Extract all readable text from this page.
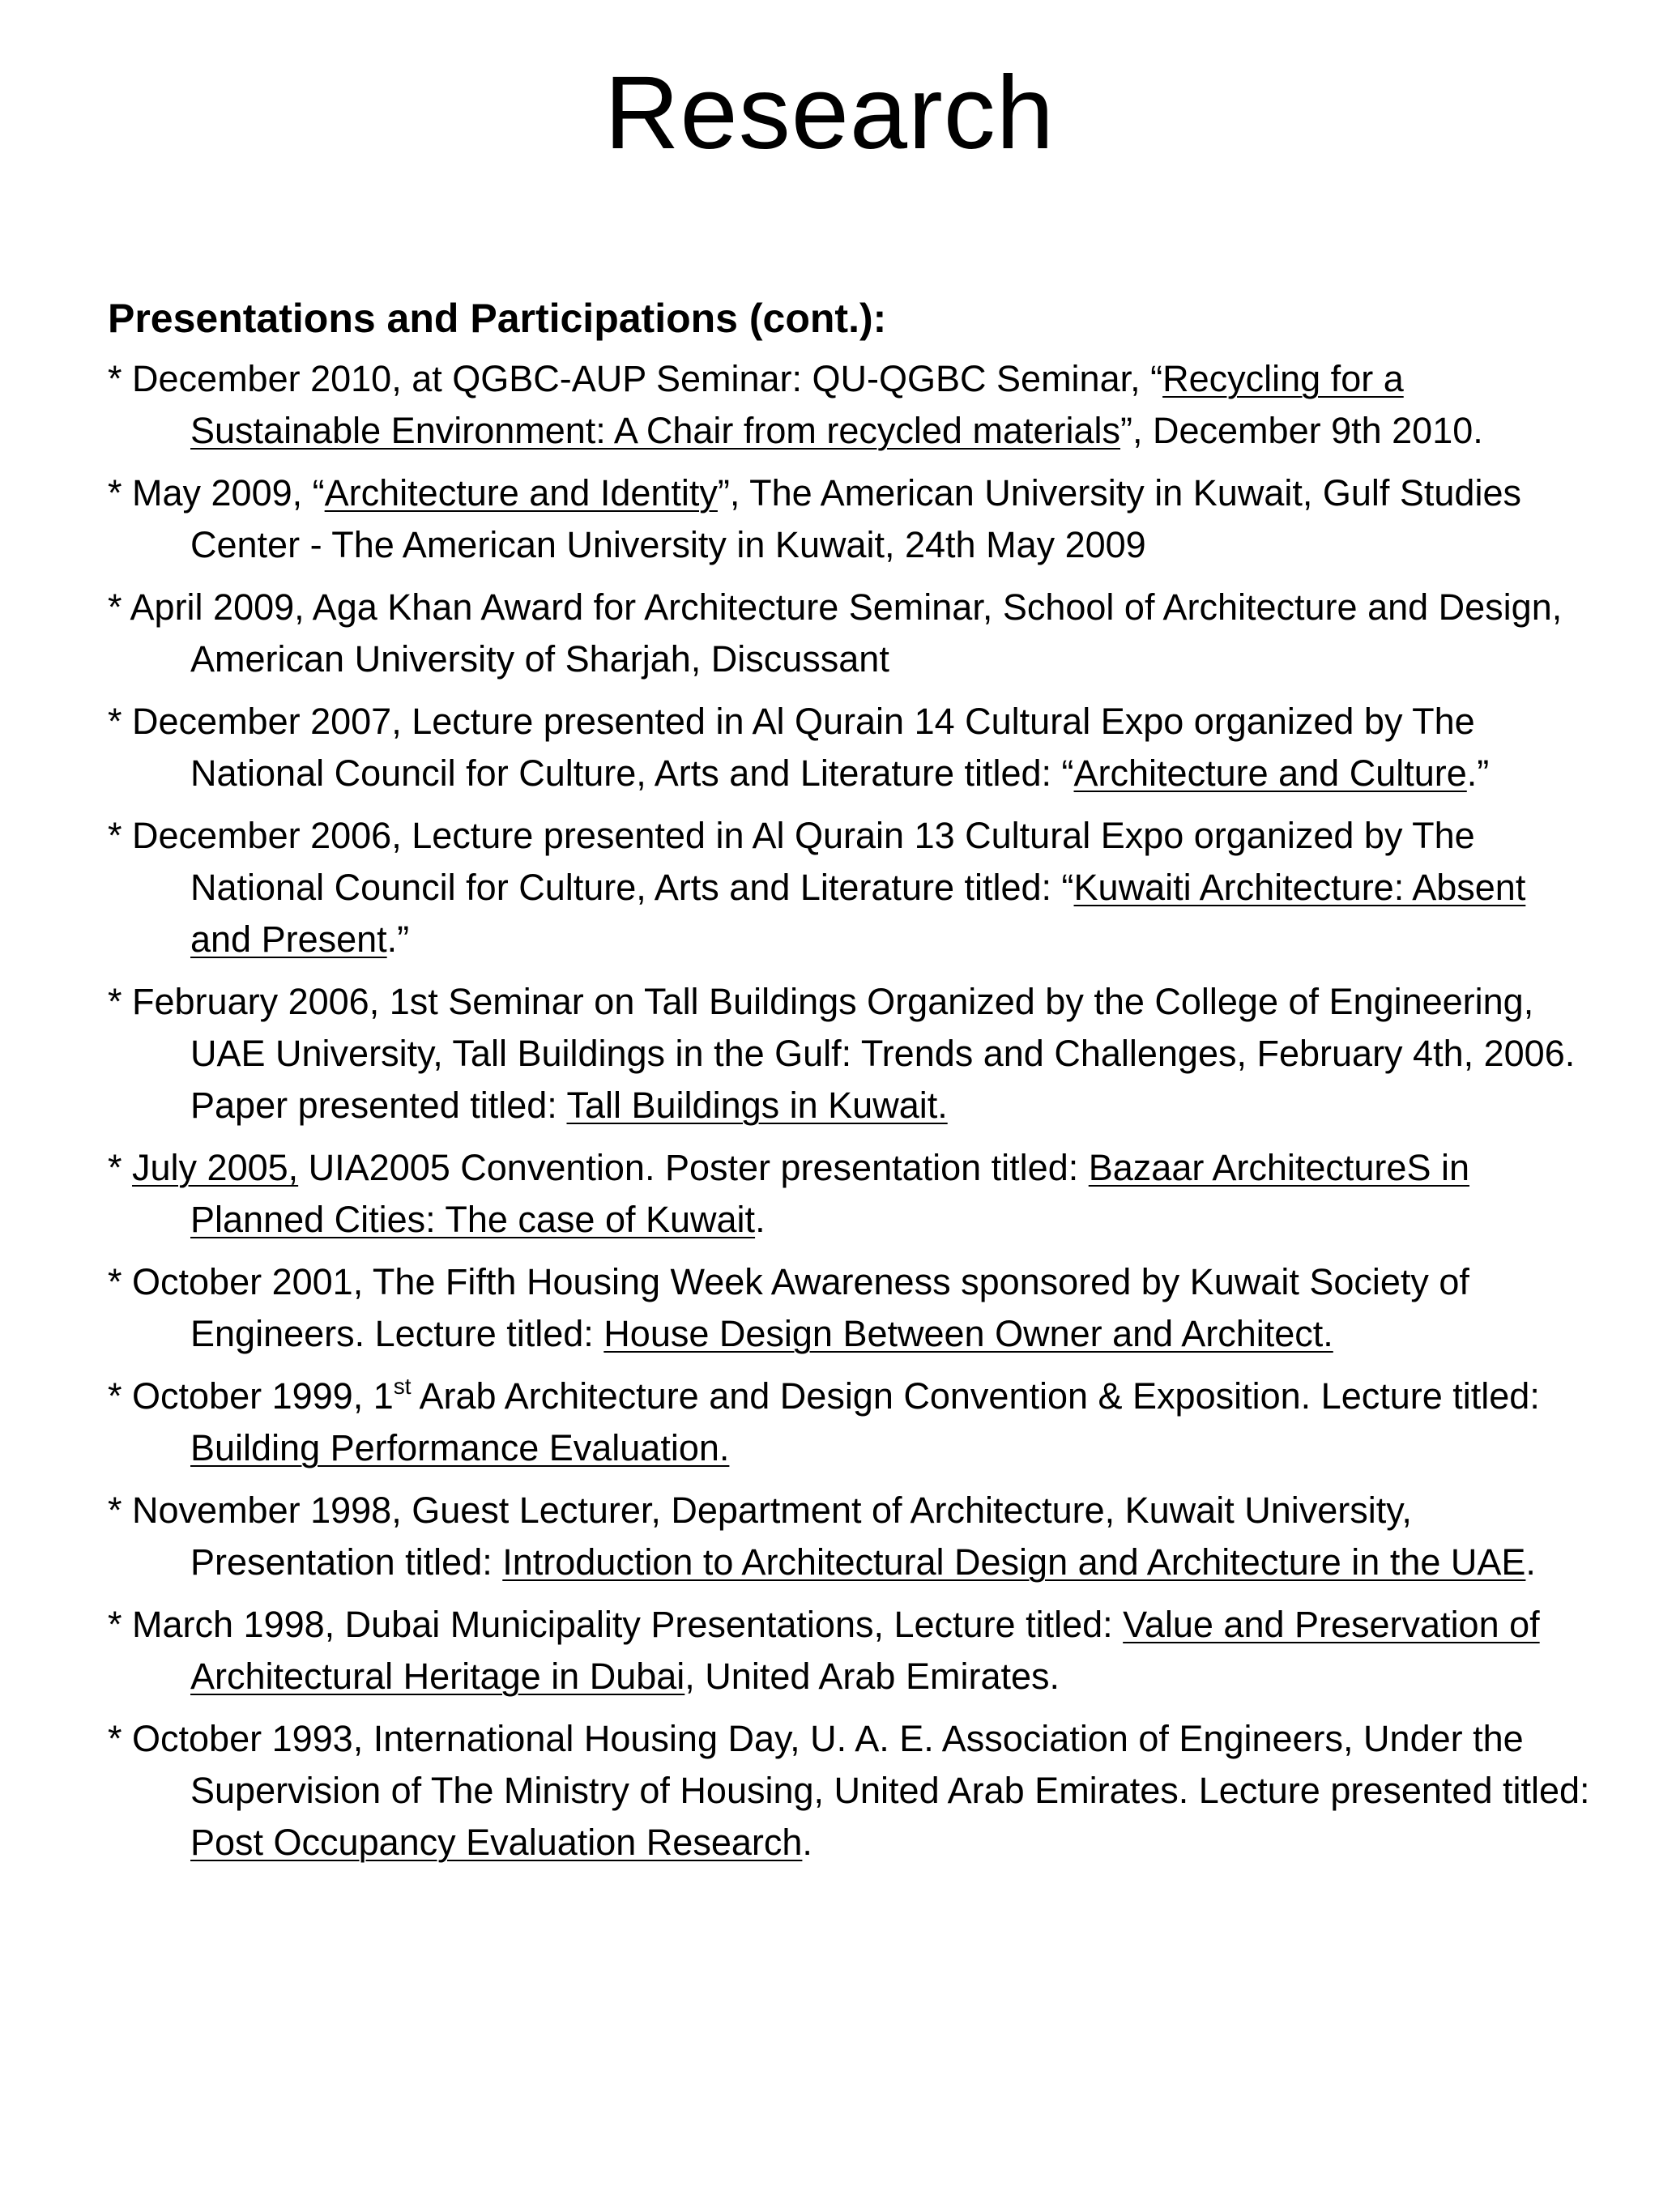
Research
Presentations and Participations (cont.):
* December 2010, at QGBC-AUP Seminar: QU-QGBC Seminar, “Recycling for a Sustainable Environment: A Chair from recycled materials”, December 9th 2010.
* May 2009, “Architecture and Identity”, The American University in Kuwait, Gulf Studies Center - The American University in Kuwait, 24th May 2009
* April 2009, Aga Khan Award for Architecture Seminar, School of Architecture and Design, American University of Sharjah, Discussant
* December 2007, Lecture presented in Al Qurain 14 Cultural Expo organized by The National Council for Culture, Arts and Literature titled: “Architecture and Culture.”
* December 2006, Lecture presented in Al Qurain 13 Cultural Expo organized by The National Council for Culture, Arts and Literature titled: “Kuwaiti Architecture: Absent and Present.”
* February 2006, 1st Seminar on Tall Buildings Organized by the College of Engineering, UAE University, Tall Buildings in the Gulf: Trends and Challenges, February 4th, 2006. Paper presented titled: Tall Buildings in Kuwait.
* July 2005, UIA2005 Convention. Poster presentation titled: Bazaar ArchitectureS in Planned Cities: The case of Kuwait.
* October 2001, The Fifth Housing Week Awareness sponsored by Kuwait Society of Engineers. Lecture titled: House Design Between Owner and Architect.
* October 1999, 1st Arab Architecture and Design Convention & Exposition. Lecture titled: Building Performance Evaluation.
* November 1998, Guest Lecturer, Department of Architecture, Kuwait University, Presentation titled: Introduction to Architectural Design and Architecture in the UAE.
* March 1998, Dubai Municipality Presentations, Lecture titled: Value and Preservation of Architectural Heritage in Dubai, United Arab Emirates.
* October 1993, International Housing Day, U. A. E. Association of Engineers, Under the Supervision of The Ministry of Housing, United Arab Emirates. Lecture presented titled: Post Occupancy Evaluation Research.
